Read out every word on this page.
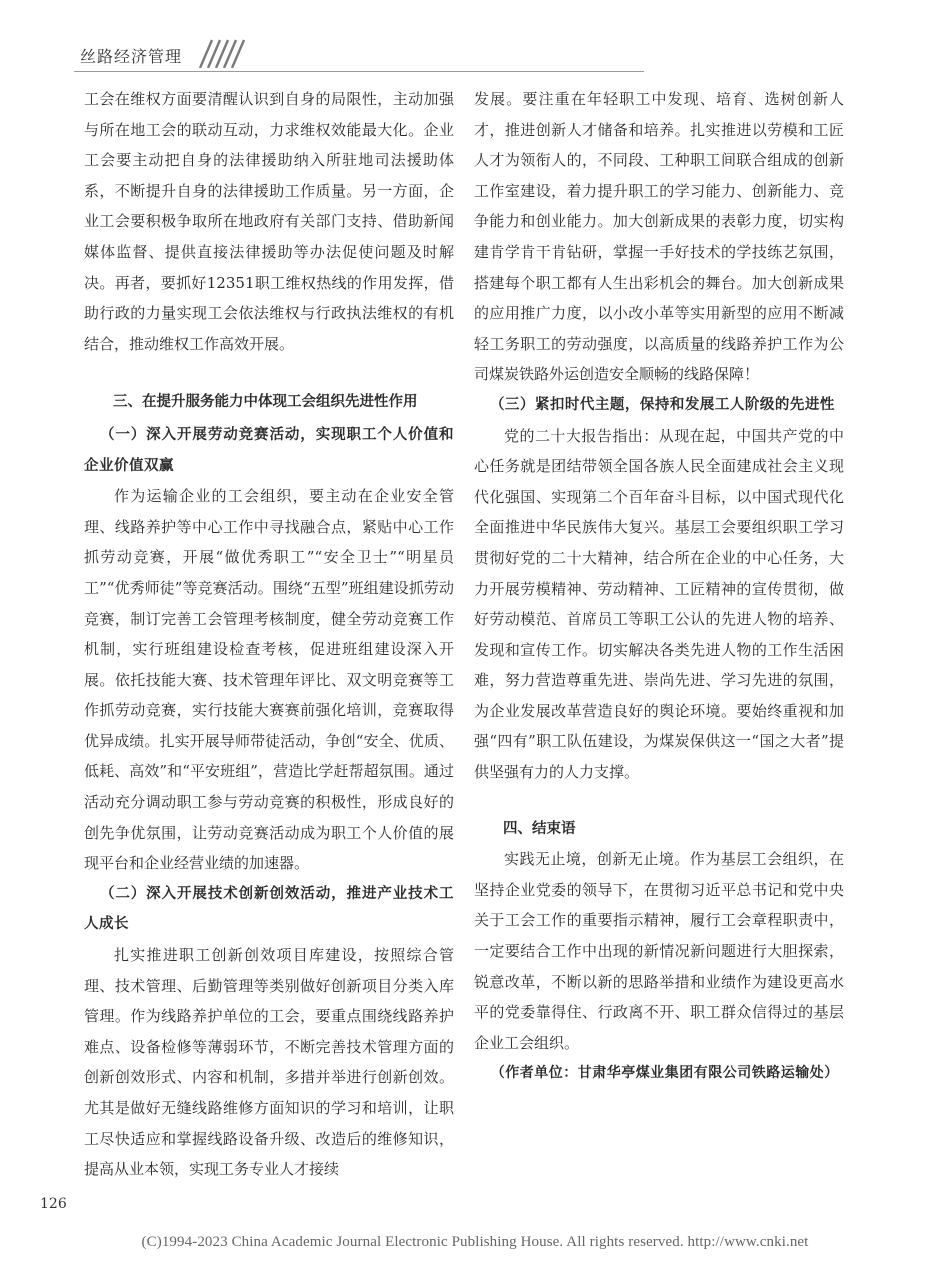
丝路经济管理

工会在维权方面要清醒认识到自身的局限性，主动加强与所在地工会的联动互动，力求维权效能最大化。企业工会要主动把自身的法律援助纳入所驻地司法援助体系，不断提升自身的法律援助工作质量。另一方面，企业工会要积极争取所在地政府有关部门支持、借助新闻媒体监督、提供直接法律援助等办法促使问题及时解决。再者，要抓好12351职工维权热线的作用发挥，借助行政的力量实现工会依法维权与行政执法维权的有机结合，推动维权工作高效开展。

三、在提升服务能力中体现工会组织先进性作用

（一）深入开展劳动竞赛活动，实现职工个人价值和企业价值双赢

作为运输企业的工会组织，要主动在企业安全管理、线路养护等中心工作中寻找融合点，紧贴中心工作抓劳动竞赛，开展“做优秀职工”“安全卫士”“明星员工”“优秀师徒”等竞赛活动。围绕“五型”班组建设抓劳动竞赛，制订完善工会管理考核制度，健全劳动竞赛工作机制，实行班组建设检查考核，促进班组建设深入开展。依托技能大赛、技术管理年评比、双文明竞赛等工作抓劳动竞赛，实行技能大赛赛前强化培训，竞赛取得优异成绩。扎实开展导师带徒活动，争创“安全、优质、低耗、高效”和“平安班组”，营造比学赶帮超氛围。通过活动充分调动职工参与劳动竞赛的积极性，形成良好的创先争优氛围，让劳动竞赛活动成为职工个人价值的展现平台和企业经营业绩的加速器。

（二）深入开展技术创新创效活动，推进产业技术工人成长

扎实推进职工创新创效项目库建设，按照综合管理、技术管理、后勤管理等类别做好创新项目分类入库管理。作为线路养护单位的工会，要重点围绕线路养护难点、设备检修等薄弱环节，不断完善技术管理方面的创新创效形式、内容和机制，多措并举进行创新创效。尤其是做好无缝线路维修方面知识的学习和培训，让职工尽快适应和掌握线路设备升级、改造后的维修知识，提高从业本领，实现工务专业人才接续

发展。要注重在年轻职工中发现、培育、选树创新人才，推进创新人才储备和培养。扎实推进以劳模和工匠人才为领衔人的，不同段、工种职工间联合组成的创新工作室建设，着力提升职工的学习能力、创新能力、竞争能力和创业能力。加大创新成果的表彰力度，切实构建肯学肯干肯钻研，掌握一手好技术的学技练艺氛围，搭建每个职工都有人生出彩机会的舞台。加大创新成果的应用推广力度，以小改小革等实用新型的应用不断减轻工务职工的劳动强度，以高质量的线路养护工作为公司煤炭铁路外运创造安全顺畅的线路保障！

（三）紧扣时代主题，保持和发展工人阶级的先进性

党的二十大报告指出：从现在起，中国共产党的中心任务就是团结带领全国各族人民全面建成社会主义现代化强国、实现第二个百年奋斗目标，以中国式现代化全面推进中华民族伟大复兴。基层工会要组织职工学习贯彻好党的二十大精神，结合所在企业的中心任务，大力开展劳模精神、劳动精神、工匠精神的宣传贯彻，做好劳动模范、首席员工等职工公认的先进人物的培养、发现和宣传工作。切实解决各类先进人物的工作生活困难，努力营造尊重先进、崇尚先进、学习先进的氛围，为企业发展改革营造良好的舆论环境。要始终重视和加强“四有”职工队伍建设，为煤炭保供这一“国之大者”提供坚强有力的人力支撑。

四、结束语

实践无止境，创新无止境。作为基层工会组织，在坚持企业党委的领导下，在贯彻习近平总书记和党中央关于工会工作的重要指示精神，履行工会章程职责中，一定要结合工作中出现的新情况新问题进行大胆探索，锐意改革，不断以新的思路举措和业绩作为建设更高水平的党委靠得住、行政离不开、职工群众信得过的基层企业工会组织。

（作者单位：甘肃华亭煤业集团有限公司铁路运输处）

126
(C)1994-2023 China Academic Journal Electronic Publishing House. All rights reserved. http://www.cnki.net
